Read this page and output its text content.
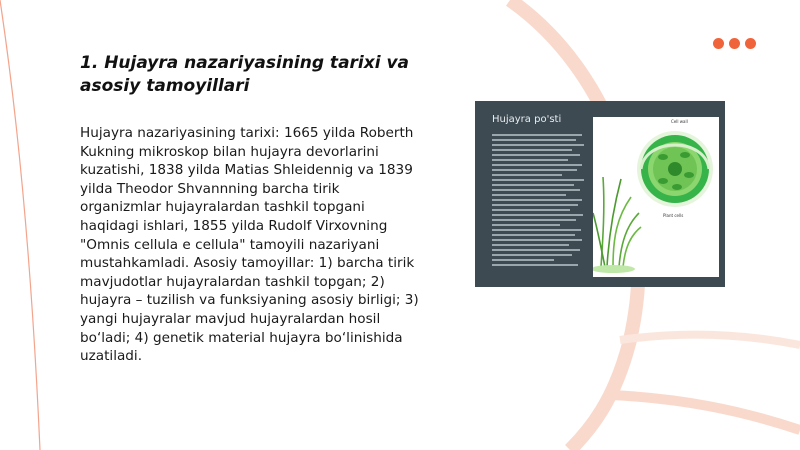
1. Hujayra nazariyasining tarixi va asosiy tamoyillari

Hujayra nazariyasining tarixi: 1665 yilda Roberth Kukning mikroskop bilan hujayra devorlarini kuzatishi, 1838 yilda Matias Shleidennig va 1839 yilda Theodor Shvannning barcha tirik organizmlar hujayralardan tashkil topgani haqidagi ishlari, 1855 yilda Rudolf Virxovning "Omnis cellula e cellula" tamoyili nazariyani mustahkamladi. Asosiy tamoyillar: 1) barcha tirik mavjudotlar hujayralardan tashkil topgan; 2) hujayra – tuzilish va funksiyaning asosiy birligi; 3) yangi hujayralar mavjud hujayralardan hosil bo‘ladi; 4) genetik material hujayra bo‘linishida uzatiladi.

Hujayra po'sti	Cell wall
Plant cells
